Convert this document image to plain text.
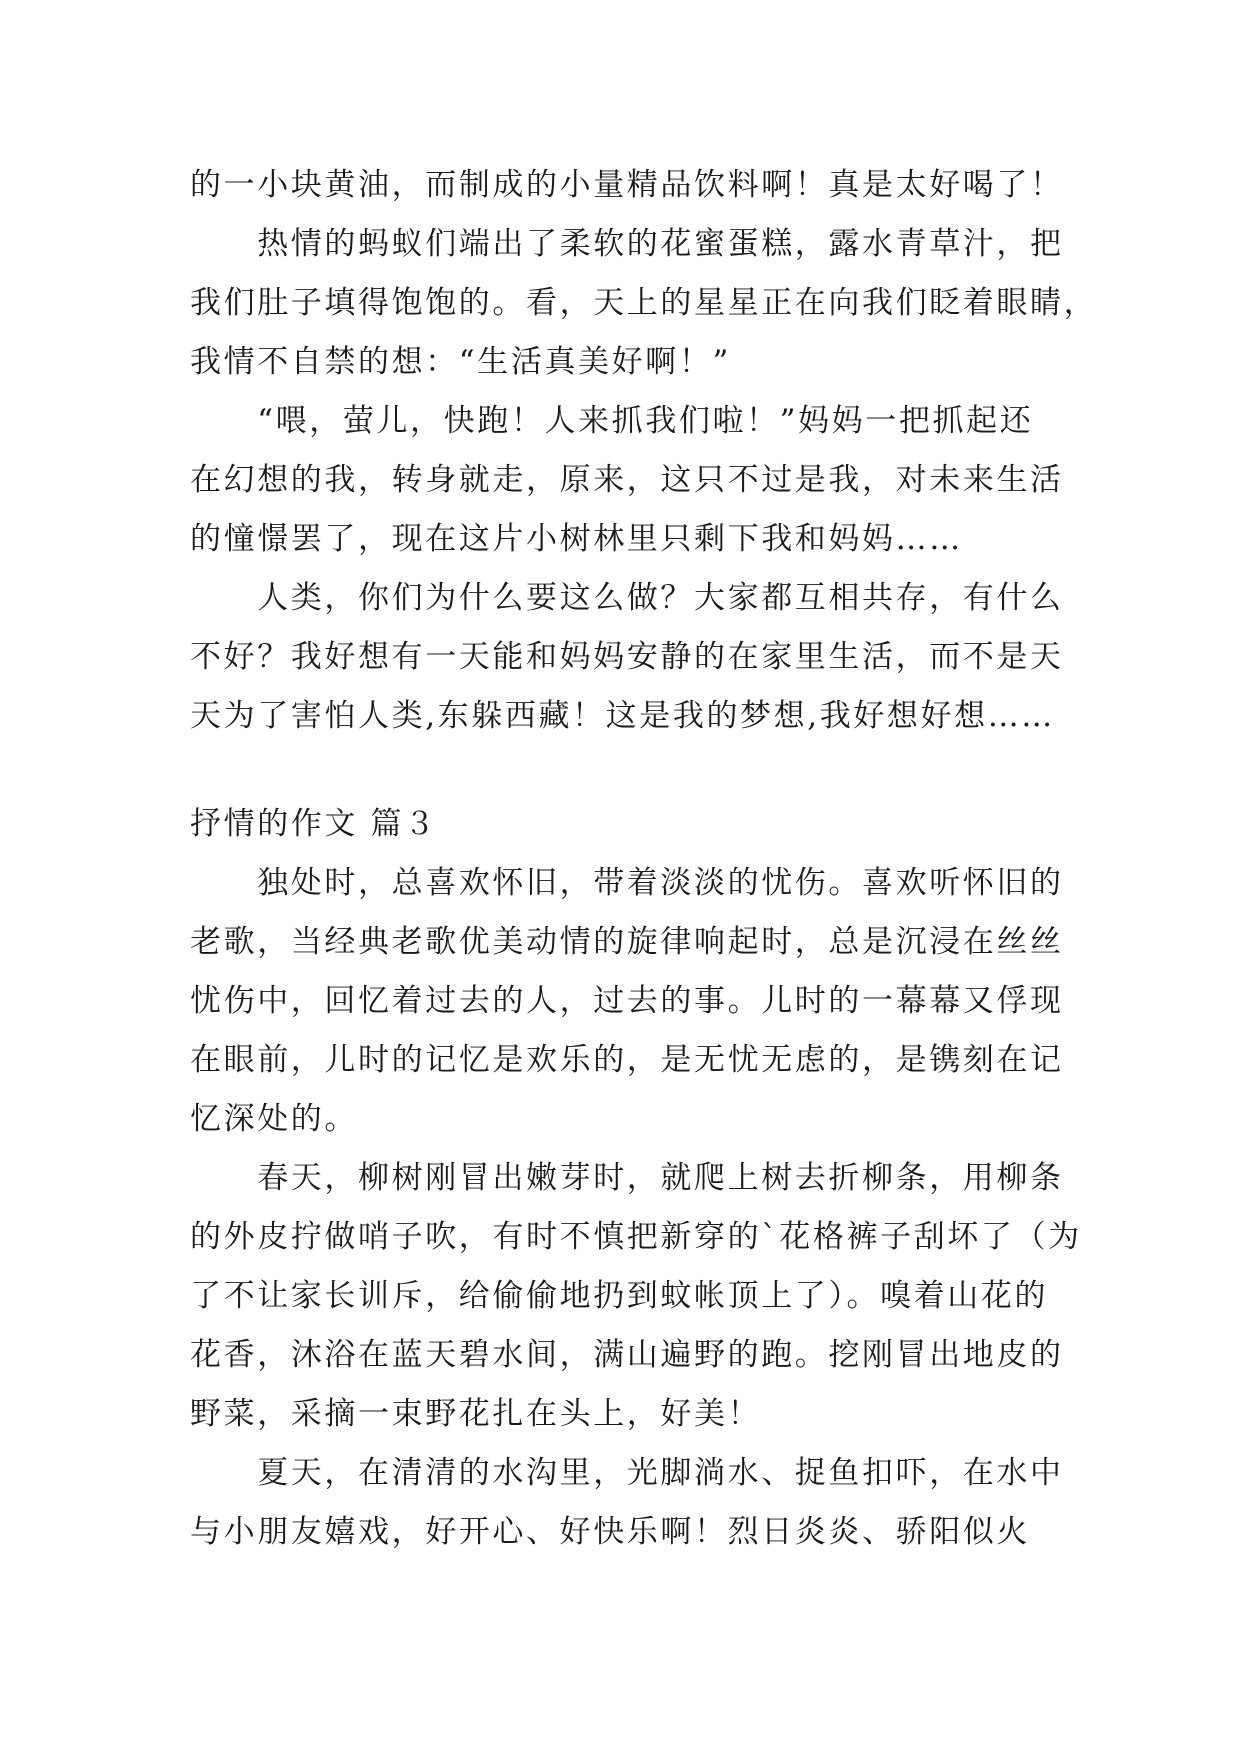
的一小块黄油，而制成的小量精品饮料啊！真是太好喝了！
　　热情的蚂蚁们端出了柔软的花蜜蛋糕，露水青草汁，把
我们肚子填得饱饱的。看，天上的星星正在向我们眨着眼睛，
我情不自禁的想：“生活真美好啊！”
　　“喂，萤儿，快跑！人来抓我们啦！”妈妈一把抓起还
在幻想的我，转身就走，原来，这只不过是我，对未来生活
的憧憬罢了，现在这片小树林里只剩下我和妈妈……
　　人类，你们为什么要这么做？大家都互相共存，有什么
不好？我好想有一天能和妈妈安静的在家里生活，而不是天
天为了害怕人类,东躲西藏！这是我的梦想,我好想好想……
抒情的作文 篇３
　　独处时，总喜欢怀旧，带着淡淡的忧伤。喜欢听怀旧的
老歌，当经典老歌优美动情的旋律响起时，总是沉浸在丝丝
忧伤中，回忆着过去的人，过去的事。儿时的一幕幕又俘现
在眼前，儿时的记忆是欢乐的，是无忧无虑的，是镌刻在记
忆深处的。
　　春天，柳树刚冒出嫩芽时，就爬上树去折柳条，用柳条
的外皮拧做哨子吹，有时不慎把新穿的`花格裤子刮坏了（为
了不让家长训斥，给偷偷地扔到蚊帐顶上了）。嗅着山花的
花香，沐浴在蓝天碧水间，满山遍野的跑。挖刚冒出地皮的
野菜，采摘一束野花扎在头上，好美！
　　夏天，在清清的水沟里，光脚淌水、捉鱼扣吓，在水中
与小朋友嬉戏，好开心、好快乐啊！烈日炎炎、骄阳似火
